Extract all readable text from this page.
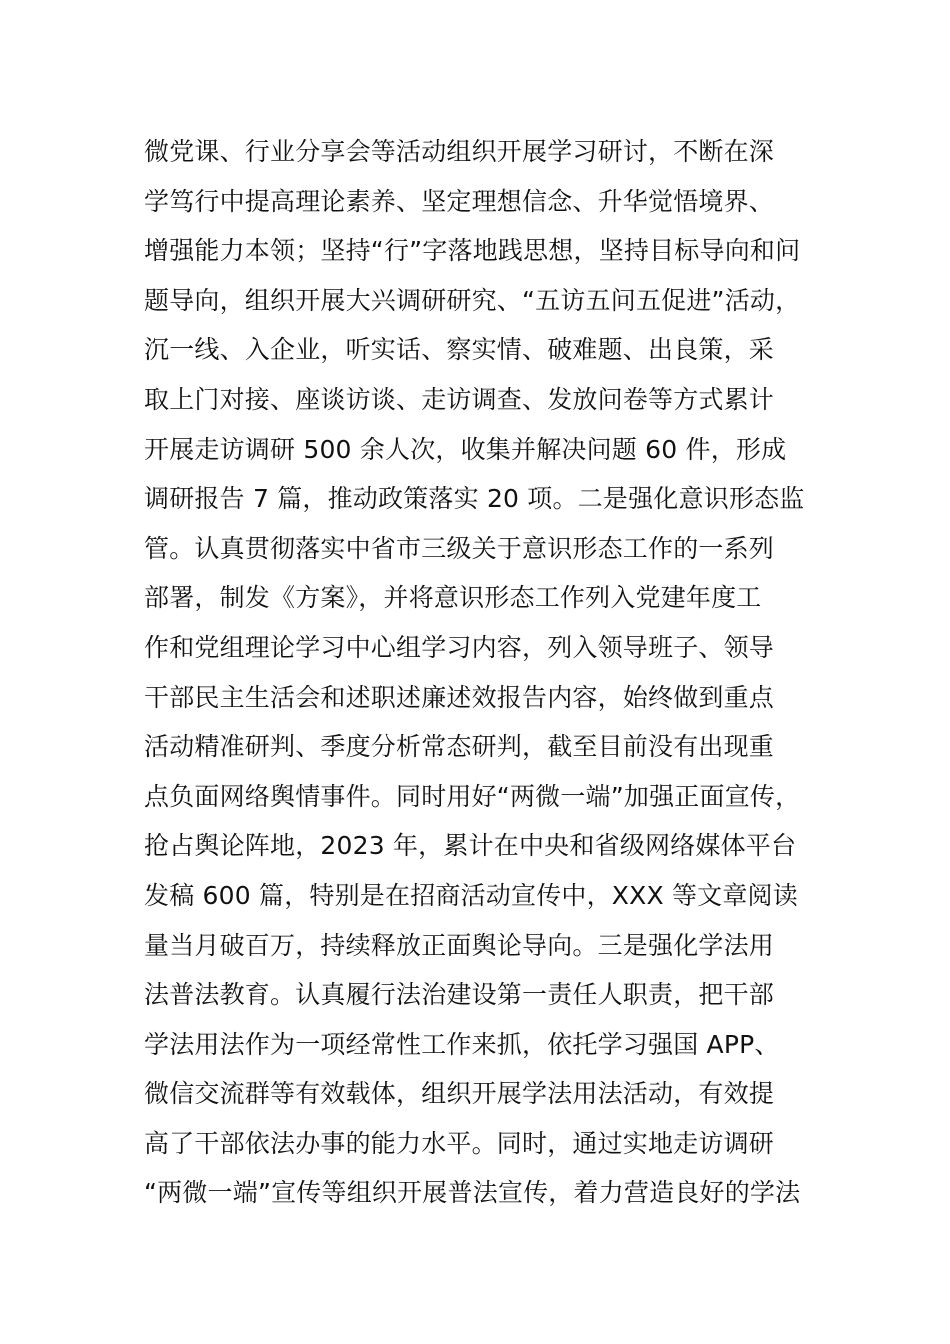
微党课、行业分享会等活动组织开展学习研讨，不断在深
学笃行中提高理论素养、坚定理想信念、升华觉悟境界、
增强能力本领；坚持“行”字落地践思想，坚持目标导向和问
题导向，组织开展大兴调研研究、“五访五问五促进”活动，
沉一线、入企业，听实话、察实情、破难题、出良策，采
取上门对接、座谈访谈、走访调查、发放问卷等方式累计
开展走访调研 500 余人次，收集并解决问题 60 件，形成
调研报告 7 篇，推动政策落实 20 项。二是强化意识形态监
管。认真贯彻落实中省市三级关于意识形态工作的一系列
部署，制发《方案》，并将意识形态工作列入党建年度工
作和党组理论学习中心组学习内容，列入领导班子、领导
干部民主生活会和述职述廉述效报告内容，始终做到重点
活动精准研判、季度分析常态研判，截至目前没有出现重
点负面网络舆情事件。同时用好“两微一端”加强正面宣传，
抢占舆论阵地，2023 年，累计在中央和省级网络媒体平台
发稿 600 篇，特别是在招商活动宣传中，XXX 等文章阅读
量当月破百万，持续释放正面舆论导向。三是强化学法用
法普法教育。认真履行法治建设第一责任人职责，把干部
学法用法作为一项经常性工作来抓，依托学习强国 APP、
微信交流群等有效载体，组织开展学法用法活动，有效提
高了干部依法办事的能力水平。同时，通过实地走访调研
“两微一端”宣传等组织开展普法宣传，着力营造良好的学法
